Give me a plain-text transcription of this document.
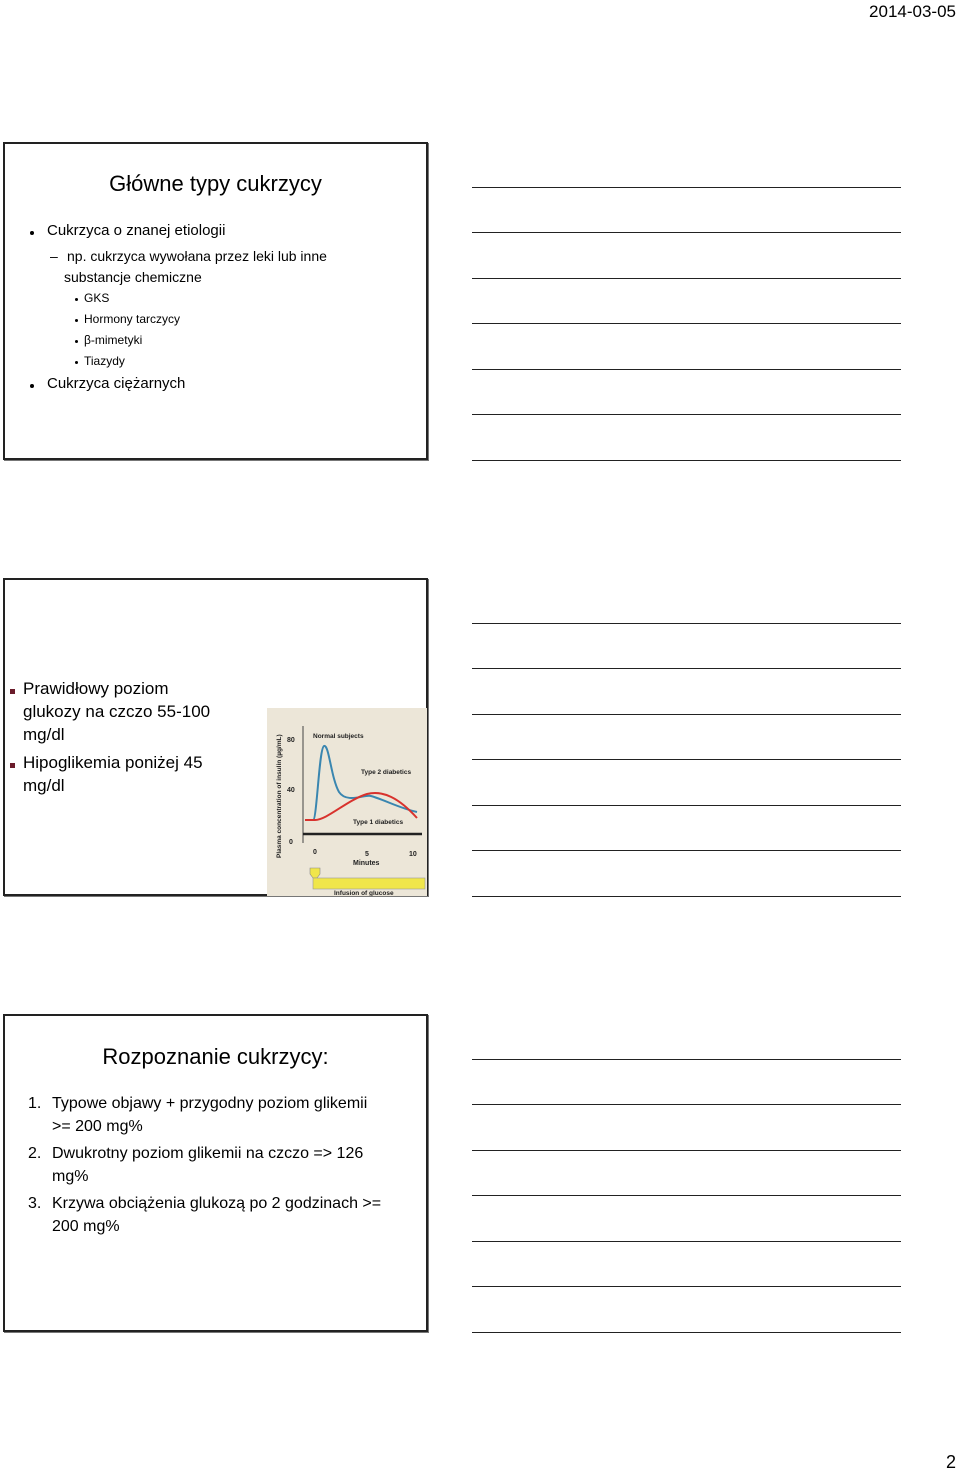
2014-03-05
Główne typy cukrzycy
Cukrzyca o znanej etiologii
– np. cukrzyca wywołana przez leki lub inne
substancje chemiczne
GKS
Hormony tarczycy
β-mimetyki
Tiazydy
Cukrzyca ciężarnych
Prawidłowy poziom
glukozy na czczo 55-100
mg/dl
Hipoglikemia poniżej 45
mg/dl	Plasma concentration of insulin (µg/mL) 80
40
0
Normal subjects
Type 2 diabetics
Type 1 diabetics
0	5	10
Minutes
Infusion of glucose
Rozpoznanie cukrzycy:
1. Typowe objawy + przygodny poziom glikemii
>= 200 mg%
2. Dwukrotny poziom glikemii na czczo => 126
mg%
3. Krzywa obciążenia glukozą po 2 godzinach >=
200 mg%
2
